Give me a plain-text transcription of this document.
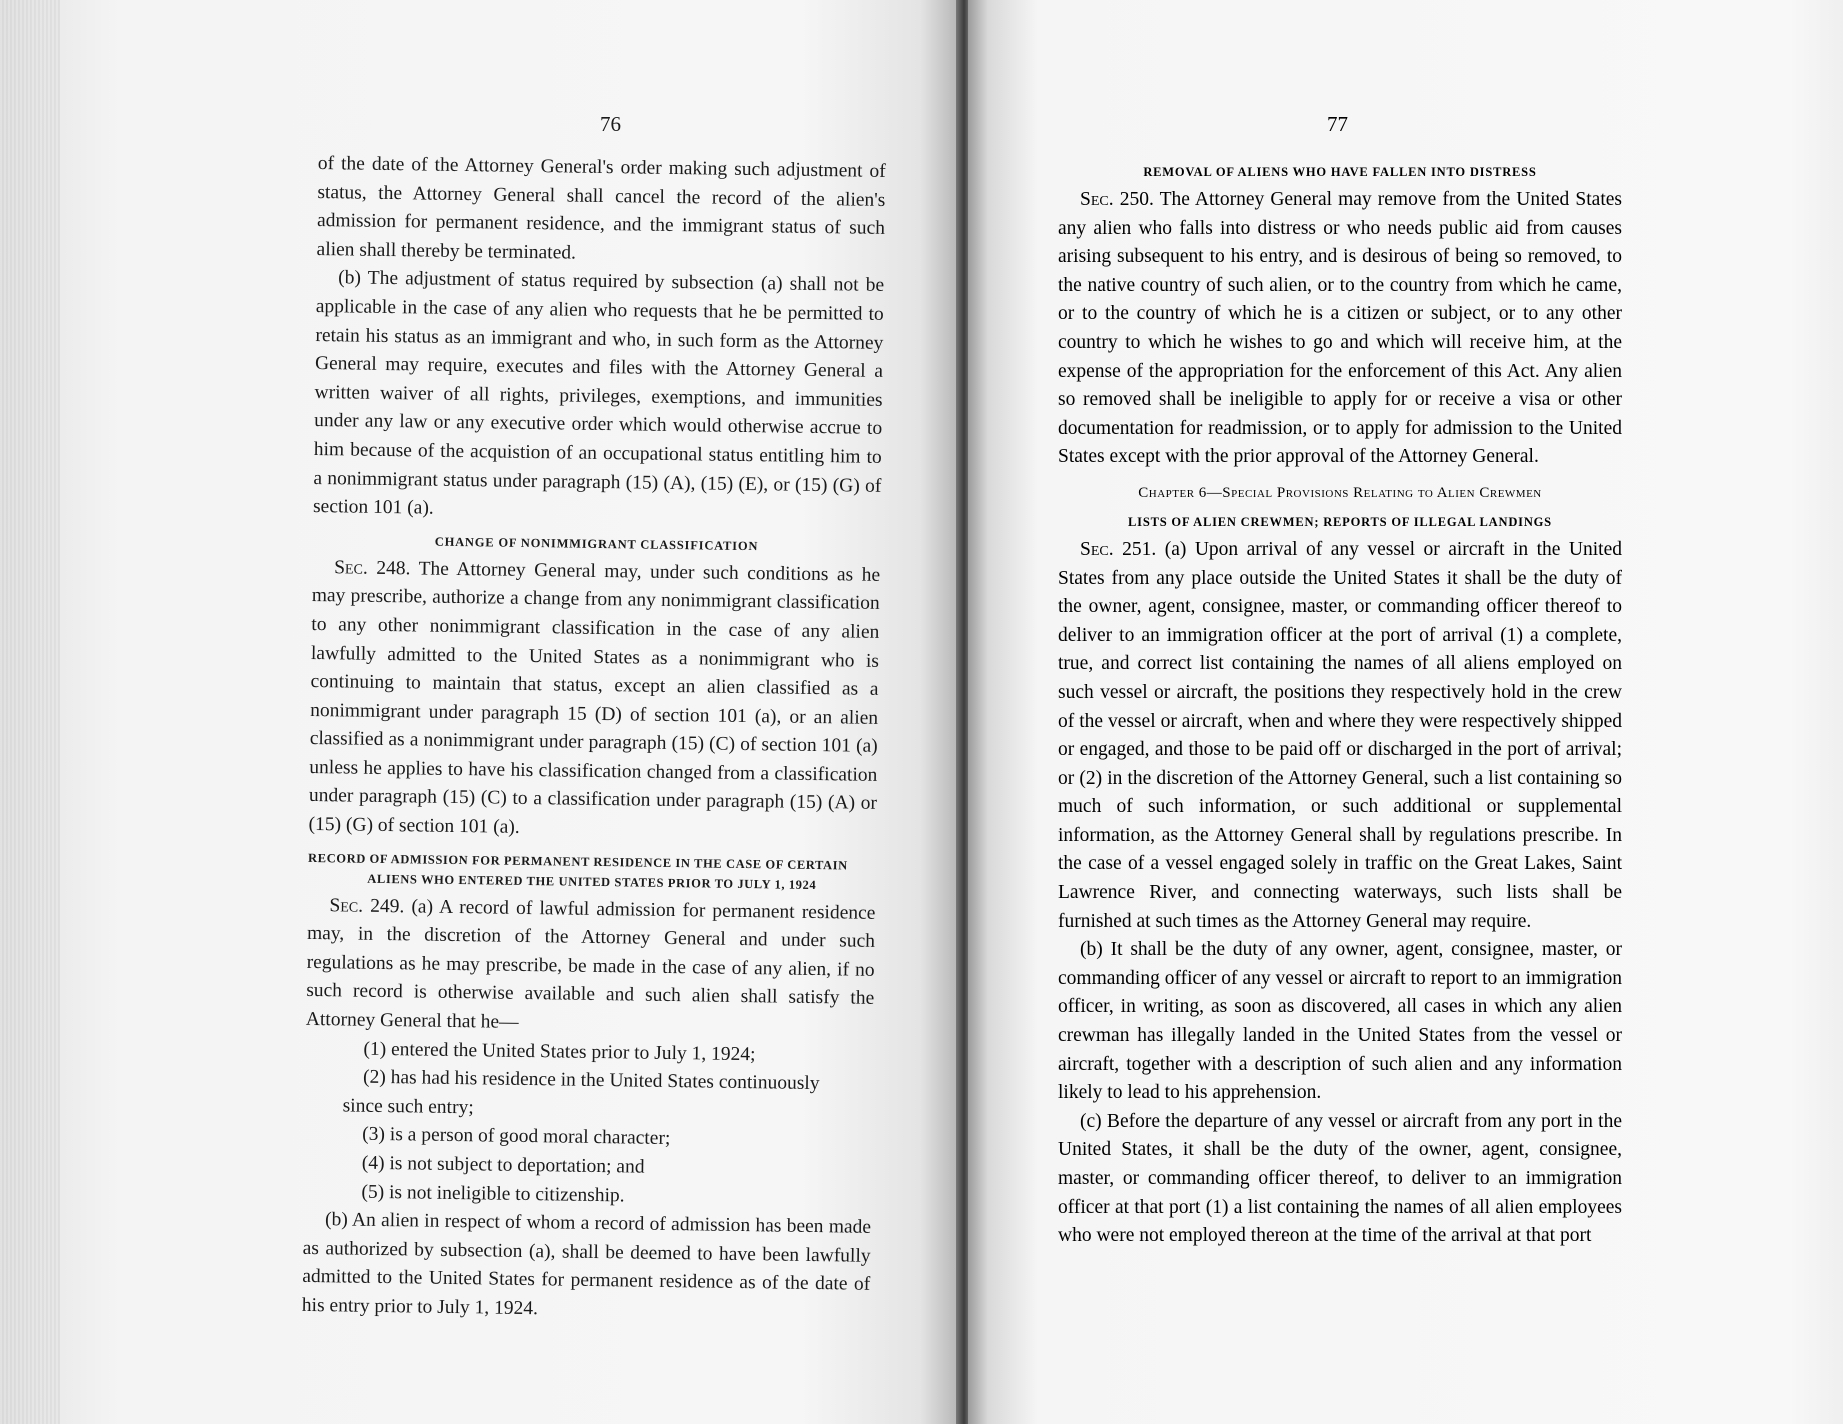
76

of the date of the Attorney General's order making such adjustment of status, the Attorney General shall cancel the record of the alien's admission for permanent residence, and the immigrant status of such alien shall thereby be terminated.

(b) The adjustment of status required by subsection (a) shall not be applicable in the case of any alien who requests that he be permitted to retain his status as an immigrant and who, in such form as the Attorney General may require, executes and files with the Attorney General a written waiver of all rights, privileges, exemptions, and immunities under any law or any executive order which would otherwise accrue to him because of the acquistion of an occupational status entitling him to a nonimmigrant status under paragraph (15) (A), (15) (E), or (15) (G) of section 101 (a).

CHANGE OF NONIMMIGRANT CLASSIFICATION

Sec. 248. The Attorney General may, under such conditions as he may prescribe, authorize a change from any nonimmigrant classification to any other nonimmigrant classification in the case of any alien lawfully admitted to the United States as a nonimmigrant who is continuing to maintain that status, except an alien classified as a nonimmigrant under paragraph 15 (D) of section 101 (a), or an alien classified as a nonimmigrant under paragraph (15) (C) of section 101 (a) unless he applies to have his classification changed from a classification under paragraph (15) (C) to a classification under paragraph (15) (A) or (15) (G) of section 101 (a).

RECORD OF ADMISSION FOR PERMANENT RESIDENCE IN THE CASE OF CERTAIN
ALIENS WHO ENTERED THE UNITED STATES PRIOR TO JULY 1, 1924

Sec. 249. (a) A record of lawful admission for permanent residence may, in the discretion of the Attorney General and under such regulations as he may prescribe, be made in the case of any alien, if no such record is otherwise available and such alien shall satisfy the Attorney General that he—

(1) entered the United States prior to July 1, 1924;

(2) has had his residence in the United States continuously

since such entry;

(3) is a person of good moral character;

(4) is not subject to deportation; and

(5) is not ineligible to citizenship.

(b) An alien in respect of whom a record of admission has been made as authorized by subsection (a), shall be deemed to have been lawfully admitted to the United States for permanent residence as of the date of his entry prior to July 1, 1924.

77
REMOVAL OF ALIENS WHO HAVE FALLEN INTO DISTRESS

Sec. 250. The Attorney General may remove from the United States any alien who falls into distress or who needs public aid from causes arising subsequent to his entry, and is desirous of being so removed, to the native country of such alien, or to the country from which he came, or to the country of which he is a citizen or subject, or to any other country to which he wishes to go and which will receive him, at the expense of the appropriation for the enforcement of this Act. Any alien so removed shall be ineligible to apply for or receive a visa or other documentation for readmission, or to apply for admission to the United States except with the prior approval of the Attorney General.

Chapter 6—Special Provisions Relating to Alien Crewmen
LISTS OF ALIEN CREWMEN; REPORTS OF ILLEGAL LANDINGS

Sec. 251. (a) Upon arrival of any vessel or aircraft in the United States from any place outside the United States it shall be the duty of the owner, agent, consignee, master, or commanding officer thereof to deliver to an immigration officer at the port of arrival (1) a complete, true, and correct list containing the names of all aliens employed on such vessel or aircraft, the positions they respectively hold in the crew of the vessel or aircraft, when and where they were respectively shipped or engaged, and those to be paid off or discharged in the port of arrival; or (2) in the discretion of the Attorney General, such a list containing so much of such information, or such additional or supplemental information, as the Attorney General shall by regulations prescribe. In the case of a vessel engaged solely in traffic on the Great Lakes, Saint Lawrence River, and connecting waterways, such lists shall be furnished at such times as the Attorney General may require.

(b) It shall be the duty of any owner, agent, consignee, master, or commanding officer of any vessel or aircraft to report to an immigration officer, in writing, as soon as discovered, all cases in which any alien crewman has illegally landed in the United States from the vessel or aircraft, together with a description of such alien and any information likely to lead to his apprehension.

(c) Before the departure of any vessel or aircraft from any port in the United States, it shall be the duty of the owner, agent, consignee, master, or commanding officer thereof, to deliver to an immigration officer at that port (1) a list containing the names of all alien employees who were not employed thereon at the time of the arrival at that port
